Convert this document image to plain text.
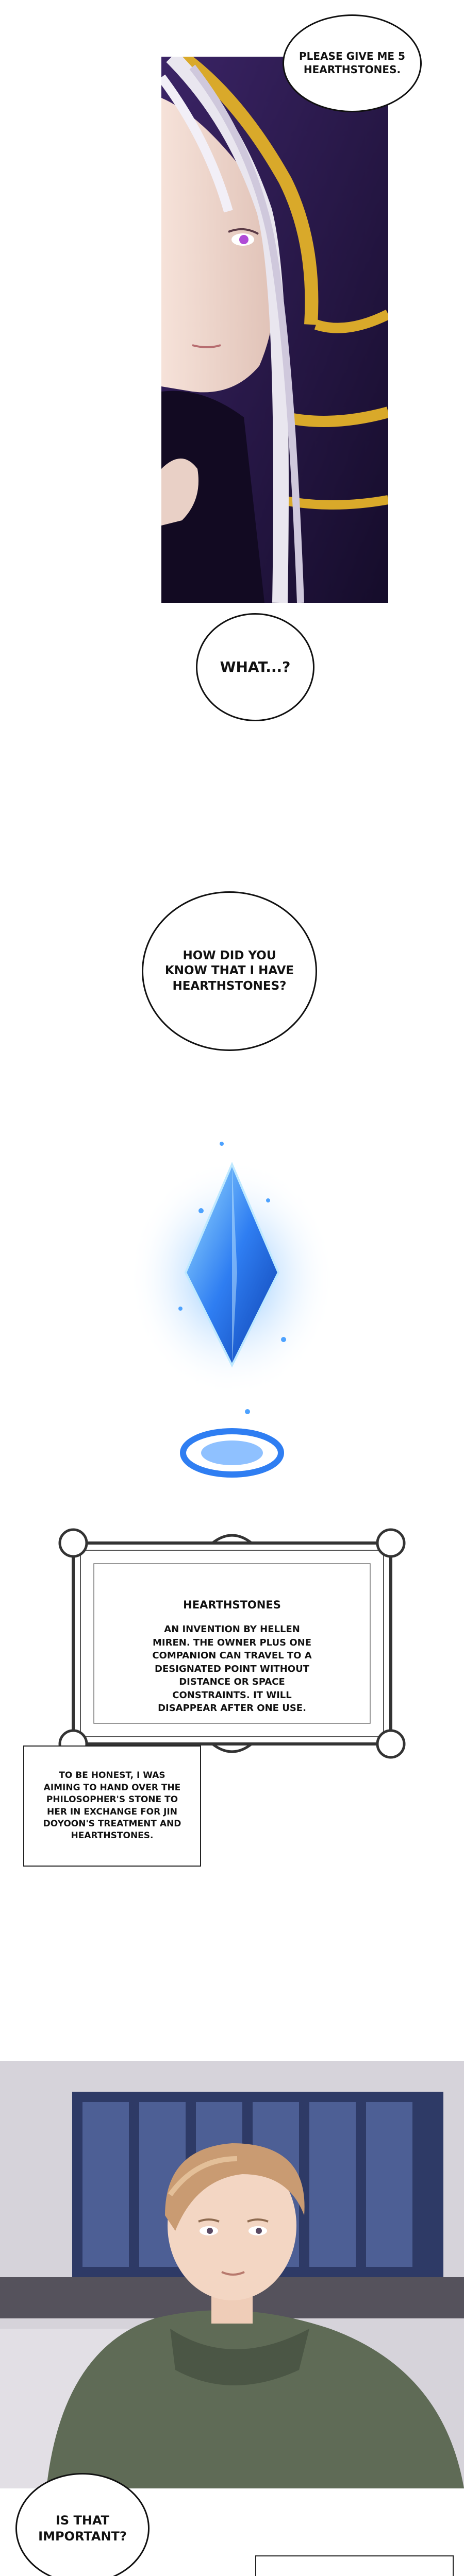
PLEASE GIVE ME 5
HEARTHSTONES.
WHAT...?
HOW DID YOU
KNOW THAT I HAVE
HEARTHSTONES?
HEARTHSTONES
AN INVENTION BY HELLEN MIREN. THE OWNER PLUS ONE COMPANION CAN TRAVEL TO A DESIGNATED POINT WITHOUT DISTANCE OR SPACE CONSTRAINTS. IT WILL DISAPPEAR AFTER ONE USE.
TO BE HONEST, I WAS
AIMING TO HAND OVER THE
PHILOSOPHER'S STONE TO
HER IN EXCHANGE FOR JIN
DOYOON'S TREATMENT AND
HEARTHSTONES.
IS THAT
IMPORTANT?
